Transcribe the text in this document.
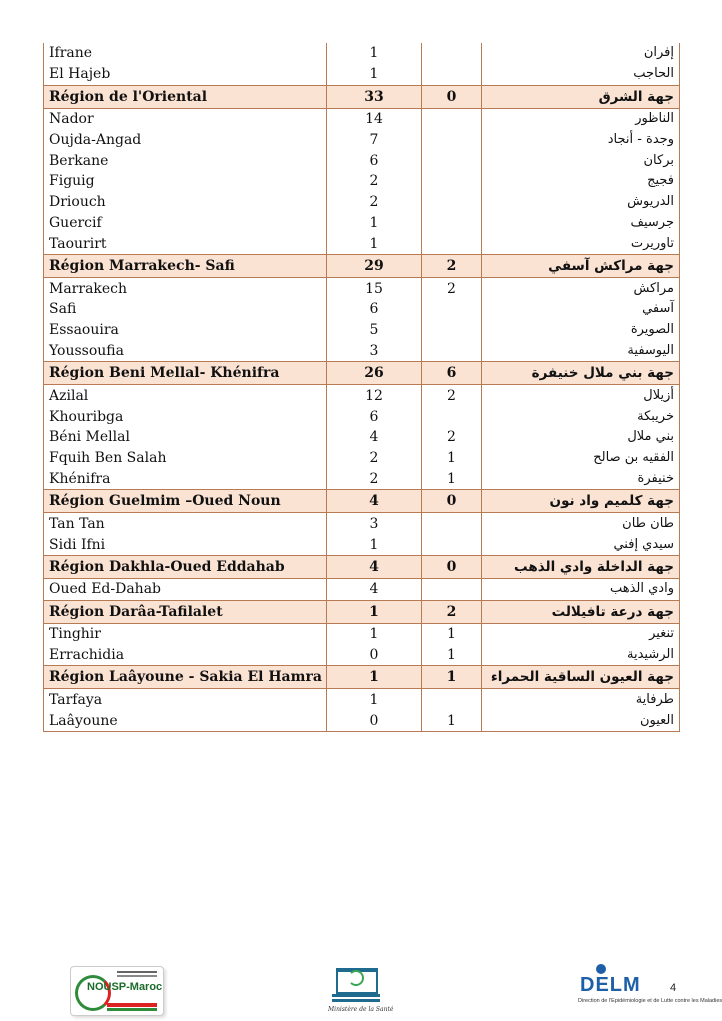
Ifrane	1		إفران
El Hajeb	1		الحاجب
Région de l'Oriental	33	0	جهة الشرق
Nador	14		الناظور
Oujda-Angad	7		وجدة - أنجاد
Berkane	6		بركان
Figuig	2		فجيج
Driouch	2		الدريوش
Guercif	1		جرسيف
Taourirt	1		تاوريرت
Région Marrakech- Safi	29	2	جهة مراكش آسفي
Marrakech	15	2	مراكش
Safi	6		آسفي
Essaouira	5		الصويرة
Youssoufia	3		اليوسفية
Région Beni Mellal- Khénifra	26	6	جهة بني ملال خنيفرة
Azilal	12	2	أزيلال
Khouribga	6		خريبكة
Béni Mellal	4	2	بني ملال
Fquih Ben Salah	2	1	الفقيه بن صالح
Khénifra	2	1	خنيفرة
Région Guelmim –Oued Noun	4	0	جهة كلميم واد نون
Tan Tan	3		طان طان
Sidi Ifni	1		سيدي إفني
Région Dakhla-Oued Eddahab	4	0	جهة الداخلة وادي الذهب
Oued Ed-Dahab	4		وادي الذهب
Région Darâa-Tafilalet	1	2	جهة درعة تافيلالت
Tinghir	1	1	تنغير
Errachidia	0	1	الرشيدية
Région Laâyoune - Sakia El Hamra	1	1	جهة العيون الساقية الحمراء
Tarfaya	1		طرفاية
Laâyoune	0	1	العيون
NOUSP-Maroc
Ministère de la Santé
DELM
Direction de l'Epidémiologie et de Lutte contre les Maladies
4
